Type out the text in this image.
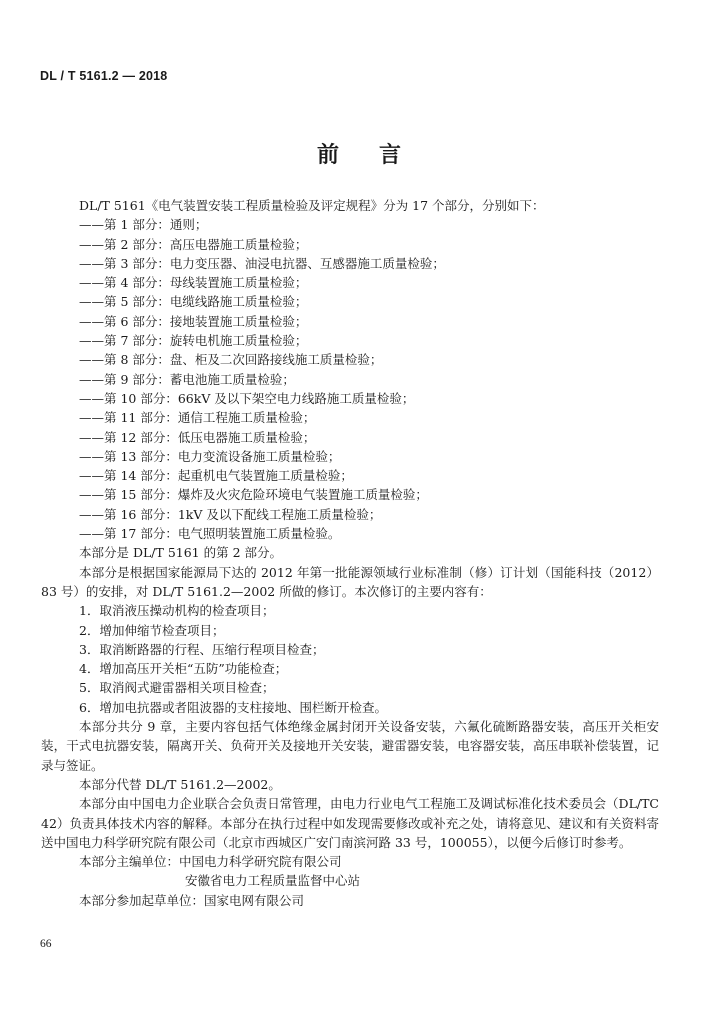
DL / T 5161.2 — 2018
前 言
DL/T 5161《电气装置安装工程质量检验及评定规程》分为 17 个部分，分别如下：
——第 1 部分：通则；
——第 2 部分：高压电器施工质量检验；
——第 3 部分：电力变压器、油浸电抗器、互感器施工质量检验；
——第 4 部分：母线装置施工质量检验；
——第 5 部分：电缆线路施工质量检验；
——第 6 部分：接地装置施工质量检验；
——第 7 部分：旋转电机施工质量检验；
——第 8 部分：盘、柜及二次回路接线施工质量检验；
——第 9 部分：蓄电池施工质量检验；
——第 10 部分：66kV 及以下架空电力线路施工质量检验；
——第 11 部分：通信工程施工质量检验；
——第 12 部分：低压电器施工质量检验；
——第 13 部分：电力变流设备施工质量检验；
——第 14 部分：起重机电气装置施工质量检验；
——第 15 部分：爆炸及火灾危险环境电气装置施工质量检验；
——第 16 部分：1kV 及以下配线工程施工质量检验；
——第 17 部分：电气照明装置施工质量检验。
本部分是 DL/T 5161 的第 2 部分。
本部分是根据国家能源局下达的 2012 年第一批能源领域行业标准制（修）订计划（国能科技（2012）83 号）的安排，对 DL/T 5161.2—2002 所做的修订。本次修订的主要内容有：
1．取消液压操动机构的检查项目；
2．增加伸缩节检查项目；
3．取消断路器的行程、压缩行程项目检查；
4．增加高压开关柜“五防”功能检查；
5．取消阀式避雷器相关项目检查；
6．增加电抗器或者阻波器的支柱接地、围栏断开检查。
本部分共分 9 章，主要内容包括气体绝缘金属封闭开关设备安装，六氟化硫断路器安装，高压开关柜安装，干式电抗器安装，隔离开关、负荷开关及接地开关安装，避雷器安装，电容器安装，高压串联补偿装置，记录与签证。
本部分代替 DL/T 5161.2—2002。
本部分由中国电力企业联合会负责日常管理，由电力行业电气工程施工及调试标准化技术委员会（DL/TC 42）负责具体技术内容的解释。本部分在执行过程中如发现需要修改或补充之处，请将意见、建议和有关资料寄送中国电力科学研究院有限公司（北京市西城区广安门南滨河路 33 号，100055），以便今后修订时参考。
本部分主编单位：中国电力科学研究院有限公司
安徽省电力工程质量监督中心站
本部分参加起草单位：国家电网有限公司
66
